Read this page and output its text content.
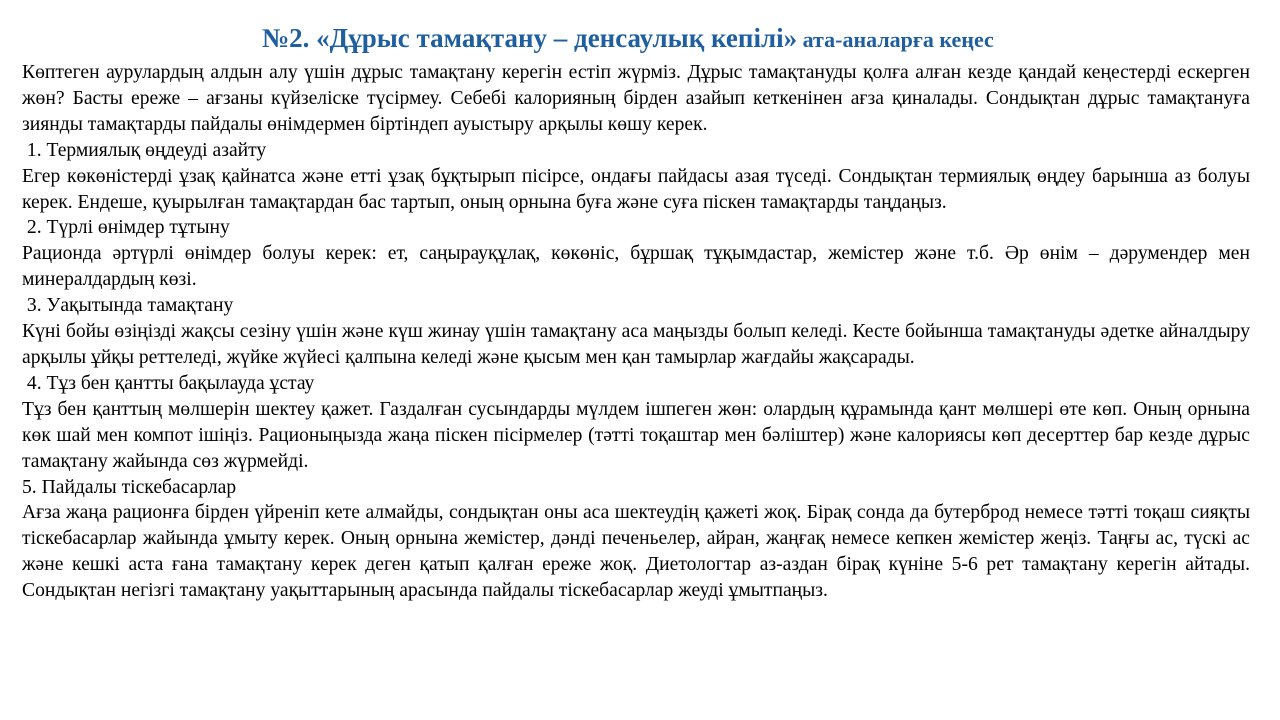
№2. «Дұрыс тамақтану – денсаулық кепілі» ата-аналарға кеңес

Көптеген аурулардың алдын алу үшін дұрыс тамақтану керегін естіп жүрміз. Дұрыс тамақтануды қолға алған кезде қандай кеңестерді ескерген жөн? Басты ереже – ағзаны күйзеліске түсірмеу. Себебі калорияның бірден азайып кеткенінен ағза қиналады. Сондықтан дұрыс тамақтануға зиянды тамақтарды пайдалы өнімдермен біртіндеп ауыстыру арқылы көшу керек.

1. Термиялық өңдеуді азайту

Егер көкөністерді ұзақ қайнатса және етті ұзақ бұқтырып пісірсе, ондағы пайдасы азая түседі. Сондықтан термиялық өңдеу барынша аз болуы керек. Ендеше, қуырылған тамақтардан бас тартып, оның орнына буға және суға піскен тамақтарды таңдаңыз.

2. Түрлі өнімдер тұтыну

Рационда әртүрлі өнімдер болуы керек: ет, саңырауқұлақ, көкөніс, бұршақ тұқымдастар, жемістер және т.б. Әр өнім – дәрумендер мен минералдардың көзі.

3. Уақытында тамақтану

Күні бойы өзіңізді жақсы сезіну үшін және күш жинау үшін тамақтану аса маңызды болып келеді. Кесте бойынша тамақтануды әдетке айналдыру арқылы ұйқы реттеледі, жүйке жүйесі қалпына келеді және қысым мен қан тамырлар жағдайы жақсарады.

4. Тұз бен қантты бақылауда ұстау

Тұз бен қанттың мөлшерін шектеу қажет. Газдалған сусындарды мүлдем ішпеген жөн: олардың құрамында қант мөлшері өте көп. Оның орнына көк шай мен компот ішіңіз. Рационыңызда жаңа піскен пісірмелер (тәтті тоқаштар мен бәліштер) және калориясы көп десерттер бар кезде дұрыс тамақтану жайында сөз жүрмейді.

5. Пайдалы тіскебасарлар

Ағза жаңа рационға бірден үйреніп кете алмайды, сондықтан оны аса шектеудің қажеті жоқ. Бірақ сонда да бутерброд немесе тәтті тоқаш сияқты тіскебасарлар жайында ұмыту керек. Оның орнына жемістер, дәнді печеньелер, айран, жаңғақ немесе кепкен жемістер жеңіз. Таңғы ас, түскі ас және кешкі аста ғана тамақтану керек деген қатып қалған ереже жоқ. Диетологтар аз-аздан бірақ күніне 5-6 рет тамақтану керегін айтады. Сондықтан негізгі тамақтану уақыттарының арасында пайдалы тіскебасарлар жеуді ұмытпаңыз.
